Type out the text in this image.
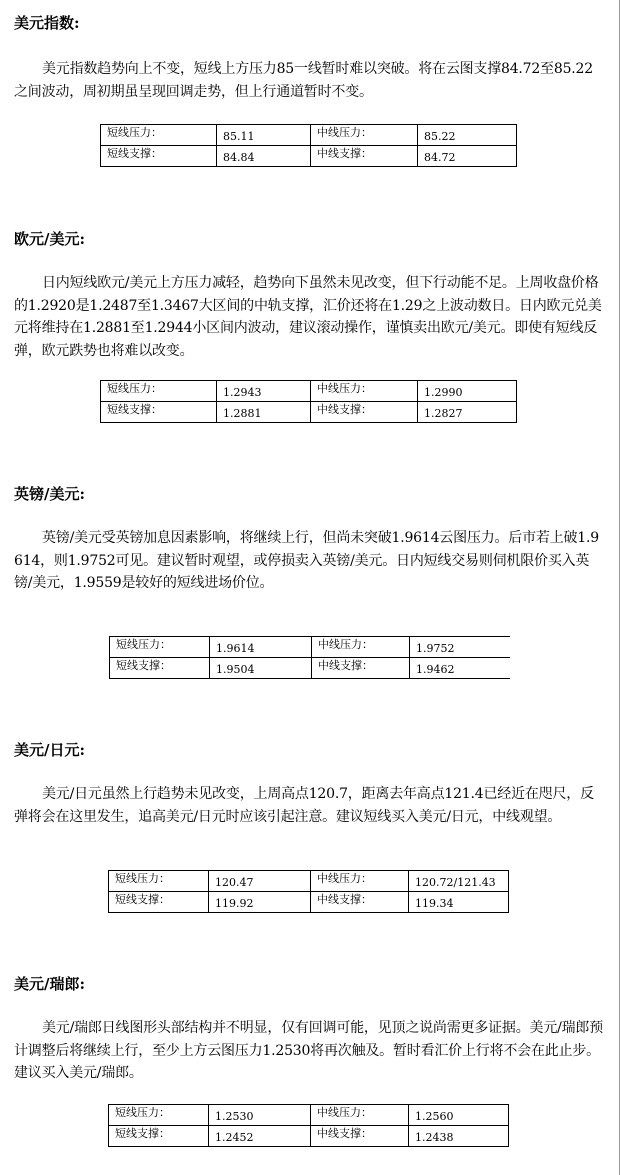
美元指数:
美元指数趋势向上不变，短线上方压力85一线暂时难以突破。将在云图支撑84.72至85.22之间波动，周初期虽呈现回调走势，但上行通道暂时不变。
短线压力：	85.11	中线压力：	85.22
短线支撑：	84.84	中线支撑：	84.72
欧元/美元:
日内短线欧元/美元上方压力减轻，趋势向下虽然未见改变，但下行动能不足。上周收盘价格的1.2920是1.2487至1.3467大区间的中轨支撑，汇价还将在1.29之上波动数日。日内欧元兑美元将维持在1.2881至1.2944小区间内波动，建议滚动操作，谨慎卖出欧元/美元。即使有短线反弹，欧元跌势也将难以改变。
短线压力：	1.2943	中线压力：	1.2990
短线支撑：	1.2881	中线支撑：	1.2827
英镑/美元:
英镑/美元受英镑加息因素影响，将继续上行，但尚未突破1.9614云图压力。后市若上破1.9614，则1.9752可见。建议暂时观望，或停损卖入英镑/美元。日内短线交易则伺机限价买入英镑/美元，1.9559是较好的短线进场价位。
短线压力：	1.9614	中线压力：	1.9752
短线支撑：	1.9504	中线支撑：	1.9462
美元/日元:
美元/日元虽然上行趋势未见改变，上周高点120.7，距离去年高点121.4已经近在咫尺，反弹将会在这里发生，追高美元/日元时应该引起注意。建议短线买入美元/日元，中线观望。
短线压力：	120.47	中线压力：	120.72/121.43
短线支撑：	119.92	中线支撑：	119.34
美元/瑞郎:
美元/瑞郎日线图形头部结构并不明显，仅有回调可能，见顶之说尚需更多证据。美元/瑞郎预计调整后将继续上行，至少上方云图压力1.2530将再次触及。暂时看汇价上行将不会在此止步。建议买入美元/瑞郎。
短线压力：	1.2530	中线压力：	1.2560
短线支撑：	1.2452	中线支撑：	1.2438
